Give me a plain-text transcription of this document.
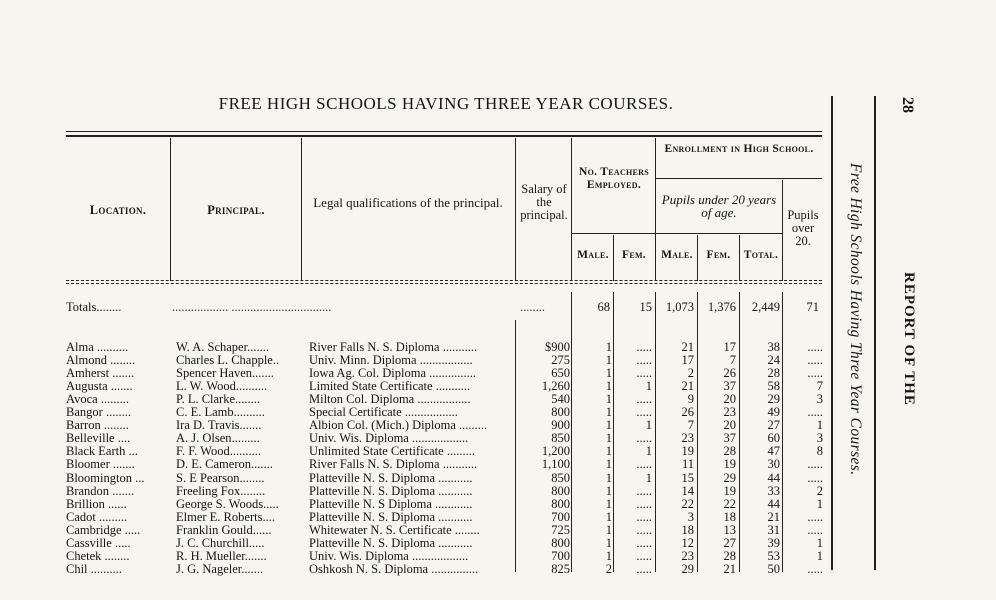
FREE HIGH SCHOOLS HAVING THREE YEAR COURSES.
Location.	Principal.	Legal qualifications of the principal.
Salary of the principal.
No. Teachers Employed.
Male.	Fem.
Enrollment in High School.
Pupils under 20 years of age.
Male.	Fem.	Total.
Pupils over 20.
Totals........	.................. ................................	........	68	15	1,073	1,376	2,449	71
Alma ..........	W. A. Schaper.......	River Falls N. S. Diploma ...........	$900	1	.....	21	17	38	.....
Almond ........	Charles L. Chapple..	Univ. Minn. Diploma .................	275	1	.....	17	7	24	.....
Amherst .......	Spencer Haven.......	Iowa Ag. Col. Diploma ...............	650	1	.....	2	26	28	.....
Augusta .......	L. W. Wood..........	Limited State Certificate ...........	1,260	1	1	21	37	58	7
Avoca .........	P. L. Clarke........	Milton Col. Diploma .................	540	1	.....	9	20	29	3
Bangor ........	C. E. Lamb..........	Special Certificate .................	800	1	.....	26	23	49	.....
Barron ........	Ira D. Travis.......	Albion Col. (Mich.) Diploma .........	900	1	1	7	20	27	1
Belleville ....	A. J. Olsen.........	Univ. Wis. Diploma ..................	850	1	.....	23	37	60	3
Black Earth ...	F. F. Wood..........	Unlimited State Certificate .........	1,200	1	1	19	28	47	8
Bloomer .......	D. E. Cameron.......	River Falls N. S. Diploma ...........	1,100	1	.....	11	19	30	.....
Bloomington ...	S. E Pearson........	Platteville N. S. Diploma ...........	850	1	1	15	29	44	.....
Brandon .......	Freeling Fox........	Platteville N. S. Diploma ...........	800	1	.....	14	19	33	2
Brillion ......	George S. Woods.....	Platteville N. S Diploma ............	800	1	.....	22	22	44	1
Cadot .........	Elmer E. Roberts....	Platteville N. S. Diploma ...........	700	1	.....	3	18	21	.....
Cambridge .....	Franklin Gould......	Whitewater N. S. Certificate ........	725	1	.....	18	13	31	.....
Cassville .....	J. C. Churchill.....	Platteville N. S. Diploma ...........	800	1	.....	12	27	39	1
Chetek ........	R. H. Mueller.......	Univ. Wis. Diploma ..................	700	1	.....	23	28	53	1
Chil ..........	J. G. Nageler.......	Oshkosh N. S. Diploma ...............	825	2	.....	29	21	50	.....
28
REPORT OF THE
Free High Schools Having Three Year Courses.
